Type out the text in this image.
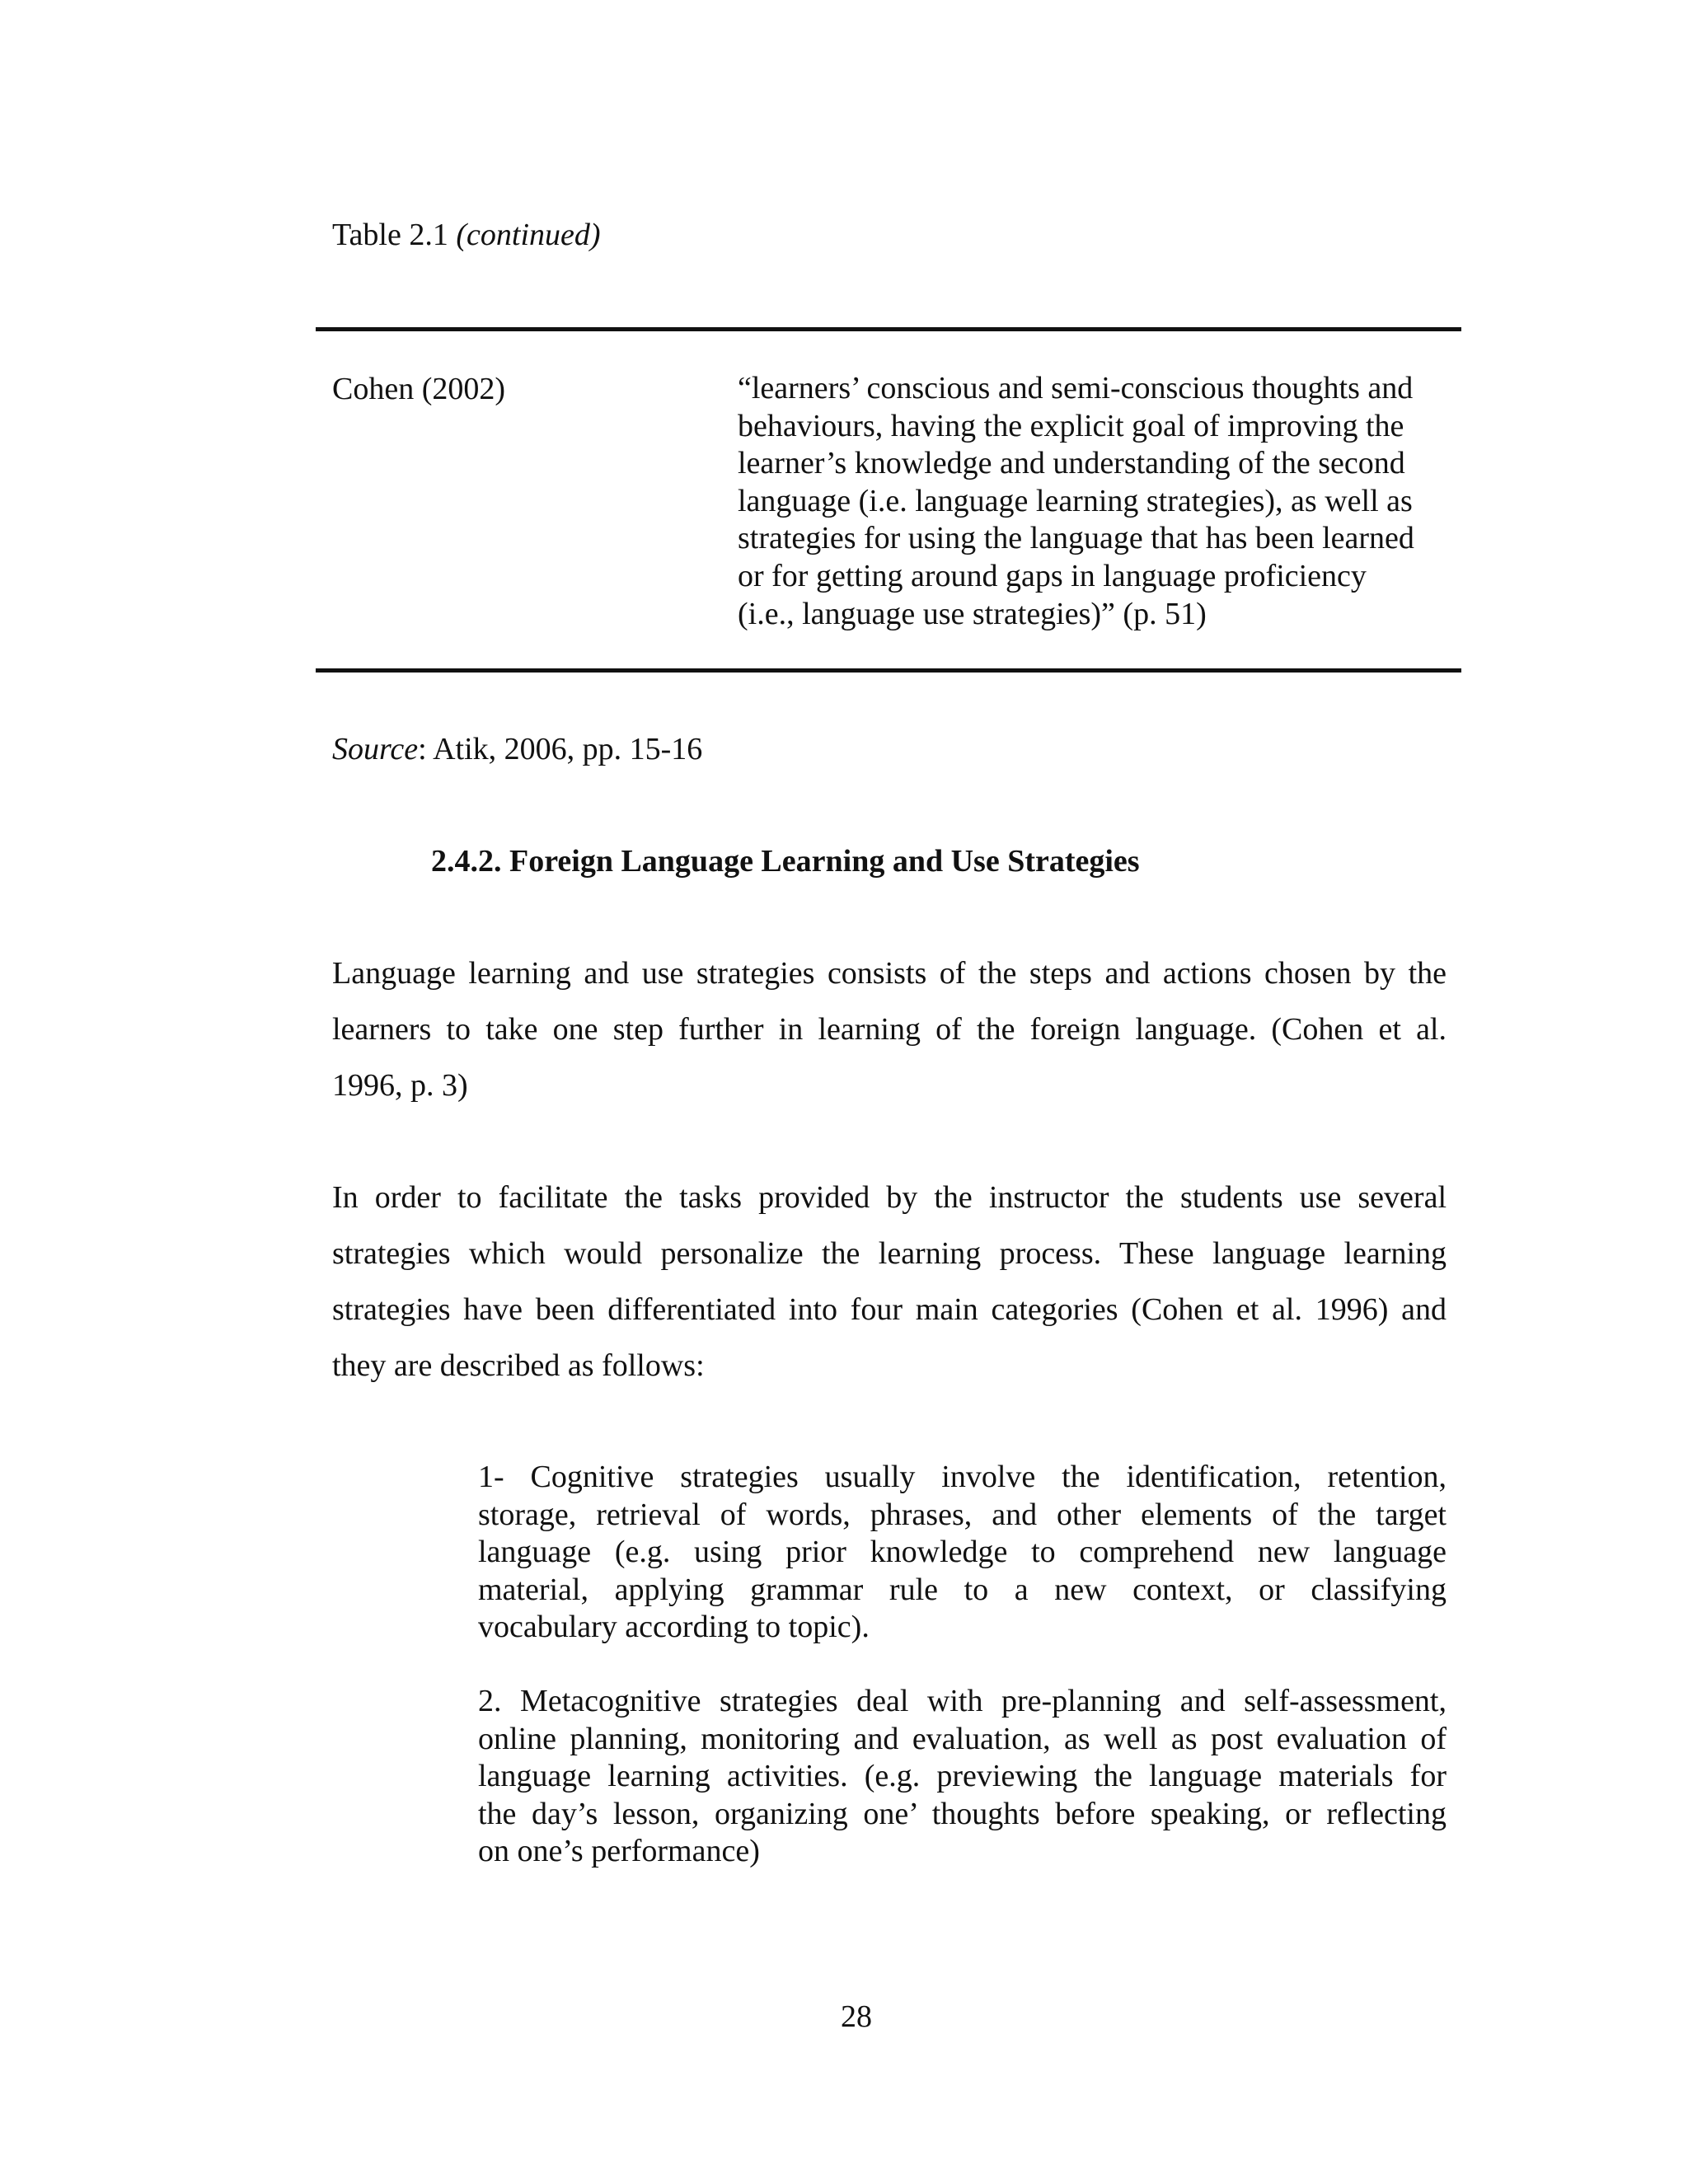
Table 2.1 (continued)
Cohen (2002)	“learners’ conscious and semi-conscious thoughts and
behaviours, having the explicit goal of improving the
learner’s knowledge and understanding of the second
language (i.e. language learning strategies), as well as
strategies for using the language that has been learned
or for getting around gaps in language proficiency
(i.e., language use strategies)” (p. 51)
Source: Atik, 2006, pp. 15-16
2.4.2. Foreign Language Learning and Use Strategies
Language learning and use strategies consists of the steps and actions chosen by the
learners to take one step further in learning of the foreign language. (Cohen et al.
1996, p. 3)
In order to facilitate the tasks provided by the instructor the students use several
strategies which would personalize the learning process. These language learning
strategies have been differentiated into four main categories (Cohen et al. 1996) and
they are described as follows:
1- Cognitive strategies usually involve the identification, retention,
storage, retrieval of words, phrases, and other elements of the target
language (e.g. using prior knowledge to comprehend new language
material, applying grammar rule to a new context, or classifying
vocabulary according to topic).
2. Metacognitive strategies deal with pre-planning and self-assessment,
online planning, monitoring and evaluation, as well as post evaluation of
language learning activities. (e.g. previewing the language materials for
the day’s lesson, organizing one’ thoughts before speaking, or reflecting
on one’s performance)
28
